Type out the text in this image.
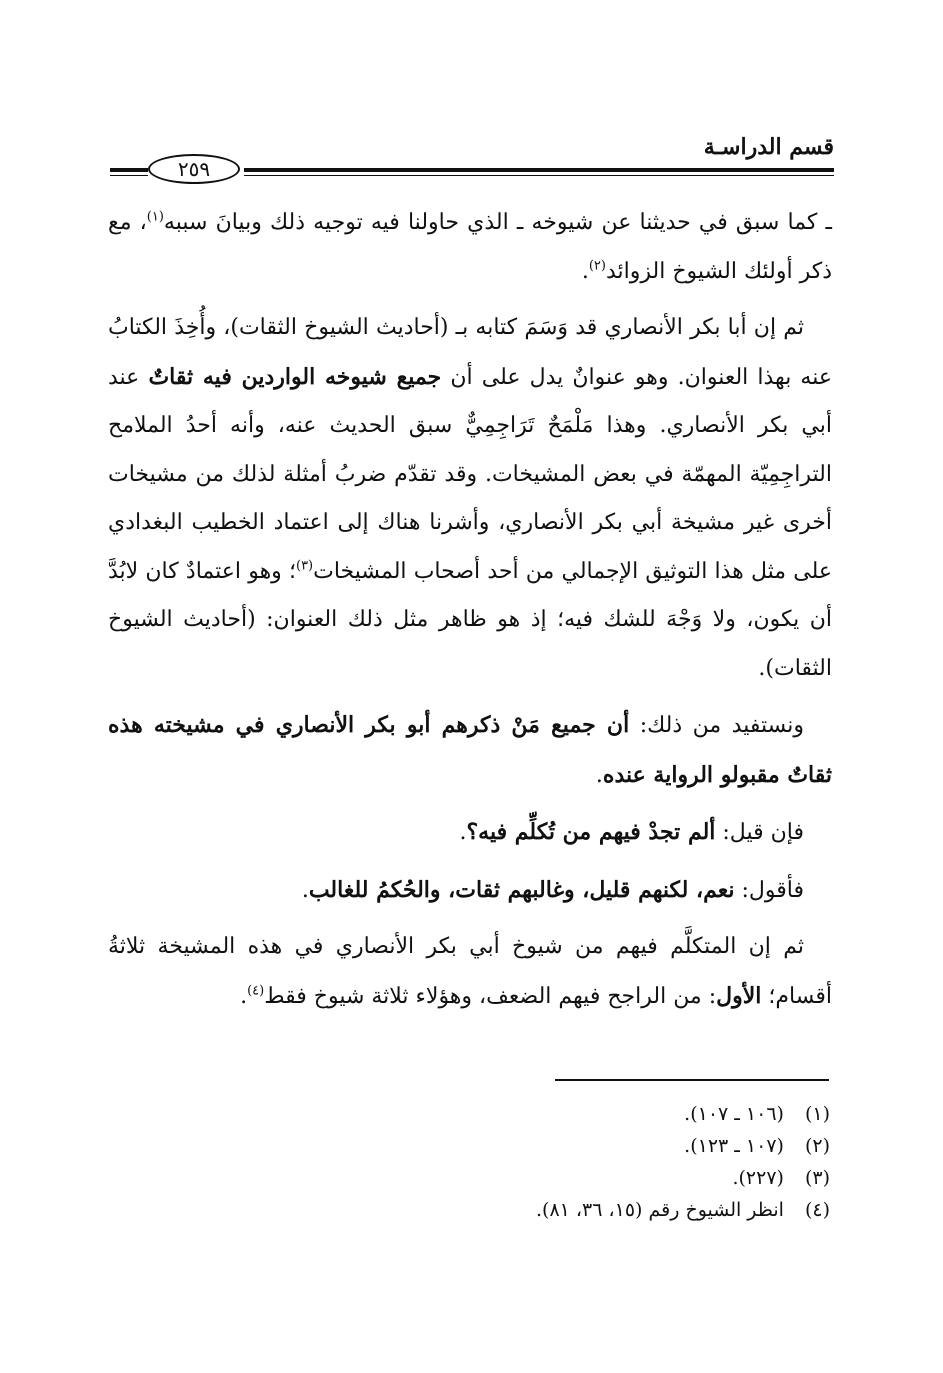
قسم الدراسـة
٢٥٩

ـ كما سبق في حديثنا عن شيوخه ـ الذي حاولنا فيه توجيه ذلك وبيانَ سببه$^{(١)}$، مع ذكر أولئك الشيوخ الزوائد$^{(٢)}$.

ثم إن أبا بكر الأنصاري قد وَسَمَ كتابه بـ (أحاديث الشيوخ الثقات)، وأُخِذَ الكتابُ عنه بهذا العنوان. وهو عنوانٌ يدل على أن جميع شيوخه الواردين فيه ثقاتٌ عند أبي بكر الأنصاري. وهذا مَلْمَحٌ تَرَاجِمِيٌّ سبق الحديث عنه، وأنه أحدُ الملامح التراجِمِيّة المهمّة في بعض المشيخات. وقد تقدّم ضربُ أمثلة لذلك من مشيخات أخرى غير مشيخة أبي بكر الأنصاري، وأشرنا هناك إلى اعتماد الخطيب البغدادي على مثل هذا التوثيق الإجمالي من أحد أصحاب المشيخات$^{(٣)}$؛ وهو اعتمادٌ كان لابُدَّ أن يكون، ولا وَجْهَ للشك فيه؛ إذ هو ظاهر مثل ذلك العنوان: (أحاديث الشيوخ الثقات).

ونستفيد من ذلك: أن جميع مَنْ ذكرهم أبو بكر الأنصاري في مشيخته هذه ثقاتٌ مقبولو الرواية عنده.

فإن قيل: ألم تجدْ فيهم من تُكلِّم فيه؟.

فأقول: نعم، لكنهم قليل، وغالبهم ثقات، والحُكمُ للغالب.

ثم إن المتكلَّم فيهم من شيوخ أبي بكر الأنصاري في هذه المشيخة ثلاثةُ أقسام؛ الأول: من الراجح فيهم الضعف، وهؤلاء ثلاثة شيوخ فقط$^{(٤)}$.

(١) (١٠٦ ـ ١٠٧).
(٢) (١٠٧ ـ ١٢٣).
(٣) (٢٢٧).
(٤) انظر الشيوخ رقم (١٥، ٣٦، ٨١).
